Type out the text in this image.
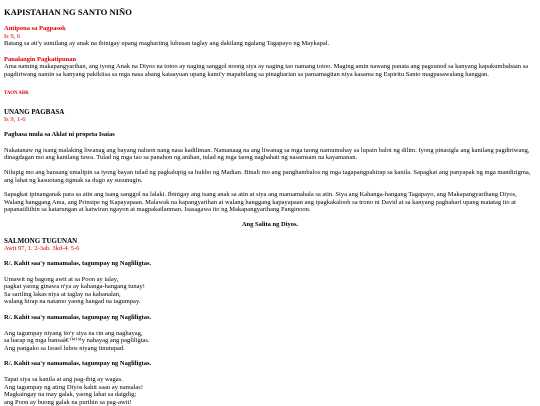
KAPISTAHAN NG SANTO NIÑO
Antipona sa Pagpasok
Is 9, 6
Batang sa ati'y sumilang ay anak na ibinigay upang maghariing lubusan taglay ang dakilang ngalang Tagapayo ng Maykapal.
Panalangin Pagkatipunan
Ama naming makapangyarihan, ang iyong Anak na Diyos na totoo ay naging sanggol noong siya ay naging tao namang totoo. Maging amin nawang panata ang pagsunod sa kanyang kapakumbabaan sa pagdiriwang namin sa kanyang pakikiisa sa mga nasa abang kataayuan upang kami'y mapabilang sa pinagharian sa pamamagitan niya kasama ng Espiritu Santo magpasawalang hanggan.
TAON ABK
UNANG PAGBASA
Is 9, 1-6
Pagbasa mula sa Aklat ni propeta Isaias
Nakatanaw ng isang malaking liwanag ang bayang naluon nang nasa kadiliman. Namanaag na ang liwanag sa mga taong namumuhay sa lupain balot ng dilim. Iyong pinasigla ang kanilang pagdiriwang, dinagdagan mo ang kanilang tuwa. Tulad ng mga tao sa panahon ng anihan, tulad ng mga taong naghahati ng nasamsam na kayamanan.
Nilupig mo ang bansang umalipin sa iyong bayan tulad ng pagkalupig sa hukbo ng Madian. Binali mo ang panghambalos ng mga tagapangpahirap sa kanila. Sapagkat ang panyapak ng mga mandirigma, ang lahat ng kasuotang tigmak sa dugo ay susunugin.
Sapagkat ipinanganak para sa atin ang isang sanggol na lalaki. Ibinigay ang isang anak sa atin at siya ang mamamahala sa atin. Siya ang Kahanga-hangang Tagapayo, ang Makapangyarihang Diyos, Walang hanggang Ama, ang Prinsipe ng Kapayapaan. Malawak na kapangyarihan at walang hanggang kapayapaan ang ipagkakaloob sa trono ni David at sa kanyang paghahari upang matatag ito at papanatiliihin sa katarungan at katwiran ngayon at magpakailanman. Isasagawa ito ng Makapangyarihang Panginoon.
Ang Salita ng Diyos.
SALMONG TUGUNAN
Awit 97, 1. 2-3ab. 3kd-4. 5-6
R/. Kahit saa'y namamalas, tagumpay ng Nagliligtas.
Umawit ng bagong awit at sa Poon ay ialay,
pagkat yaong ginawa n'ya ay kahanga-hangang tunay!
Sa sariling lakas niya at taglay na kabanalan,
walang hirap na natamo yaong hangad na tagumpay.
R/. Kahit saa'y namamalas, tagumpay ng Nagliligtas.
Ang tagumpay niyang ito'y siya na rin ang naghayag,
sa harap ng mga bansaâ€™™y nahayag ang pagliligtas.
Ang pangako sa Israel lubos niyang tinutupad.
R/. Kahit saa'y namamalas, tagumpay ng Nagliligtas.
Tapat siya sa kanila at ang pag-ibig ay wagas.
Ang tagumpay ng ating Diyos kahit saan ay namalas!
Magkaingay na may galak, yaong lahat sa daigdig;
ang Poon ay buong galak na purihin sa pag-awit!
